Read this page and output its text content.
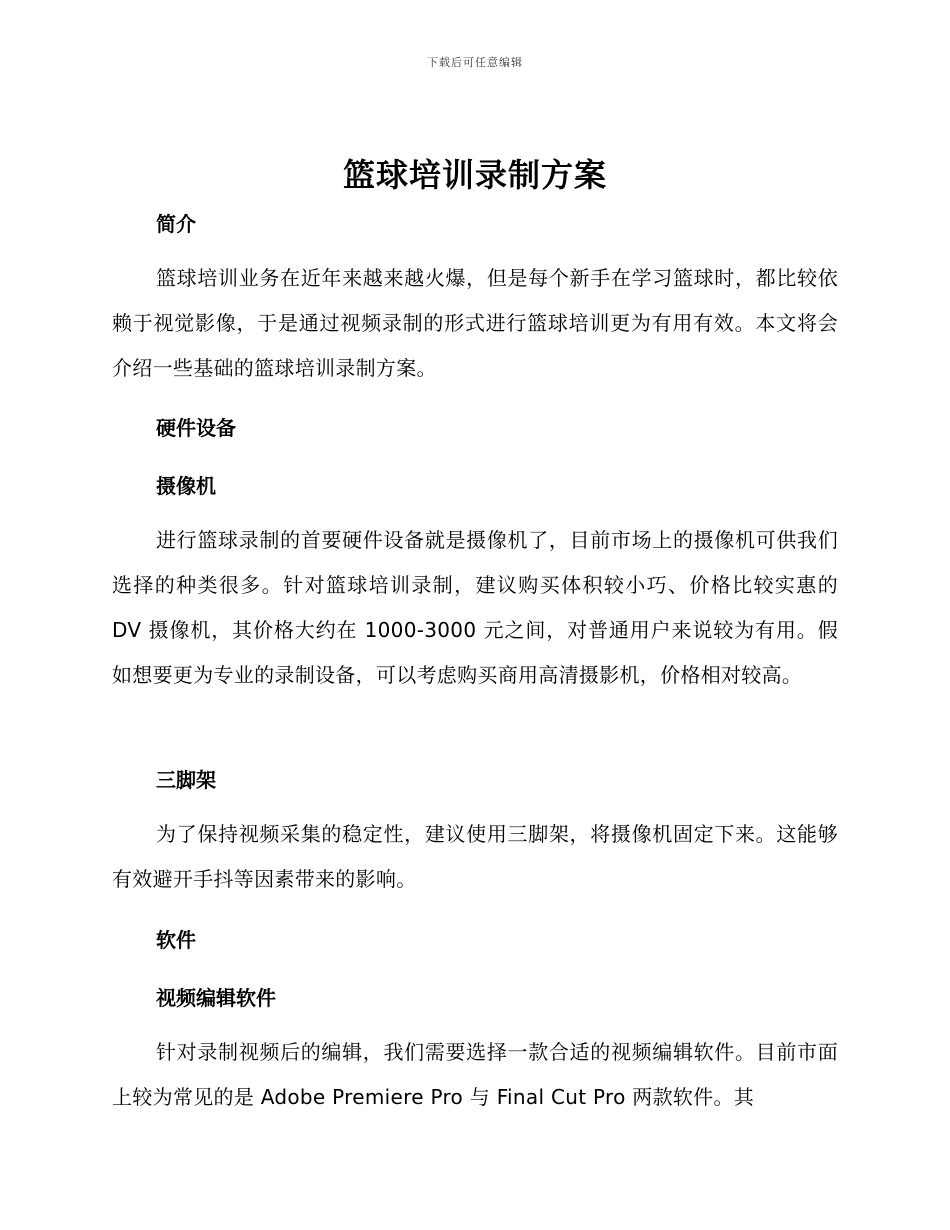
下载后可任意编辑
篮球培训录制方案
简介
篮球培训业务在近年来越来越火爆，但是每个新手在学习篮球时，都比较依赖于视觉影像，于是通过视频录制的形式进行篮球培训更为有用有效。本文将会介绍一些基础的篮球培训录制方案。
硬件设备
摄像机
进行篮球录制的首要硬件设备就是摄像机了，目前市场上的摄像机可供我们选择的种类很多。针对篮球培训录制，建议购买体积较小巧、价格比较实惠的 DV 摄像机，其价格大约在 1000-3000 元之间，对普通用户来说较为有用。假如想要更为专业的录制设备，可以考虑购买商用高清摄影机，价格相对较高。
三脚架
为了保持视频采集的稳定性，建议使用三脚架，将摄像机固定下来。这能够有效避开手抖等因素带来的影响。
软件
视频编辑软件
针对录制视频后的编辑，我们需要选择一款合适的视频编辑软件。目前市面上较为常见的是 Adobe Premiere Pro 与 Final Cut Pro 两款软件。其
